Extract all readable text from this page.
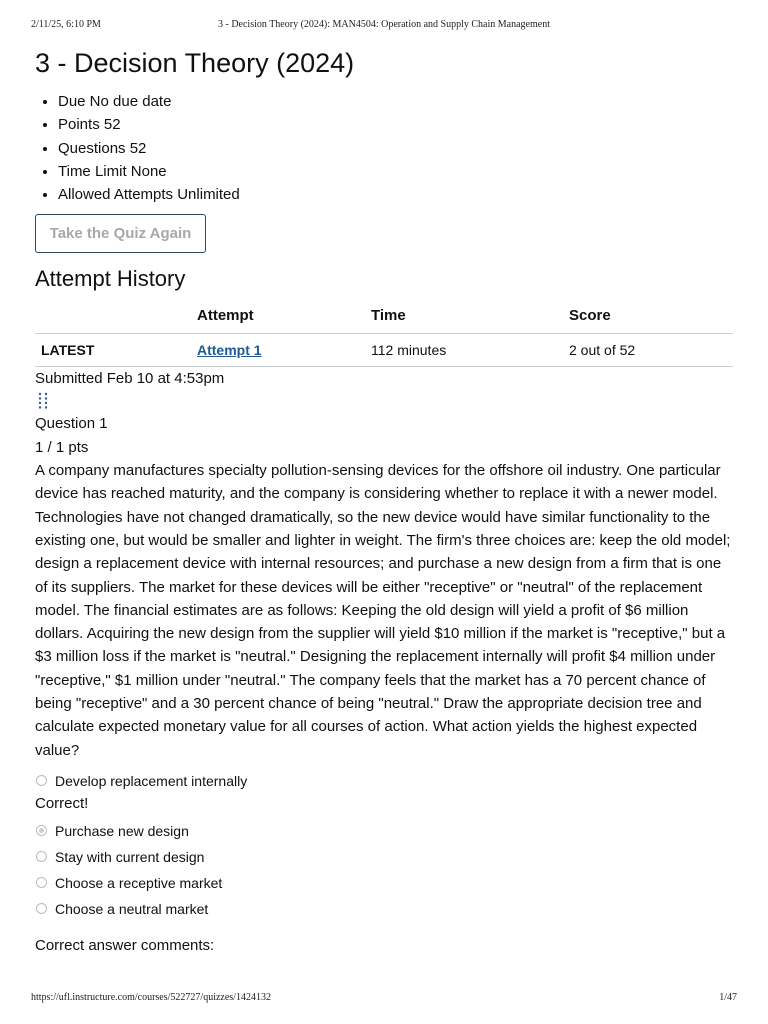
2/11/25, 6:10 PM	3 - Decision Theory (2024): MAN4504: Operation and Supply Chain Management
3 - Decision Theory (2024)
• Due No due date
• Points 52
• Questions 52
• Time Limit None
• Allowed Attempts Unlimited
Take the Quiz Again
Attempt History
	Attempt	Time	Score
LATEST	Attempt 1	112 minutes	2 out of 52
Submitted Feb 10 at 4:53pm
Question 1
1 / 1 pts

A company manufactures specialty pollution-sensing devices for the offshore oil industry. One particular device has reached maturity, and the company is considering whether to replace it with a newer model. Technologies have not changed dramatically, so the new device would have similar functionality to the existing one, but would be smaller and lighter in weight. The firm's three choices are: keep the old model; design a replacement device with internal resources; and purchase a new design from a firm that is one of its suppliers. The market for these devices will be either "receptive" or "neutral" of the replacement model. The financial estimates are as follows: Keeping the old design will yield a profit of $6 million dollars. Acquiring the new design from the supplier will yield $10 million if the market is "receptive," but a $3 million loss if the market is "neutral." Designing the replacement internally will profit $4 million under "receptive," $1 million under "neutral." The company feels that the market has a 70 percent chance of being "receptive" and a 30 percent chance of being "neutral." Draw the appropriate decision tree and calculate expected monetary value for all courses of action. What action yields the highest expected value?

Develop replacement internally
Correct!
Purchase new design
Stay with current design
Choose a receptive market
Choose a neutral market
Correct answer comments:
https://ufl.instructure.com/courses/522727/quizzes/1424132	1/47
